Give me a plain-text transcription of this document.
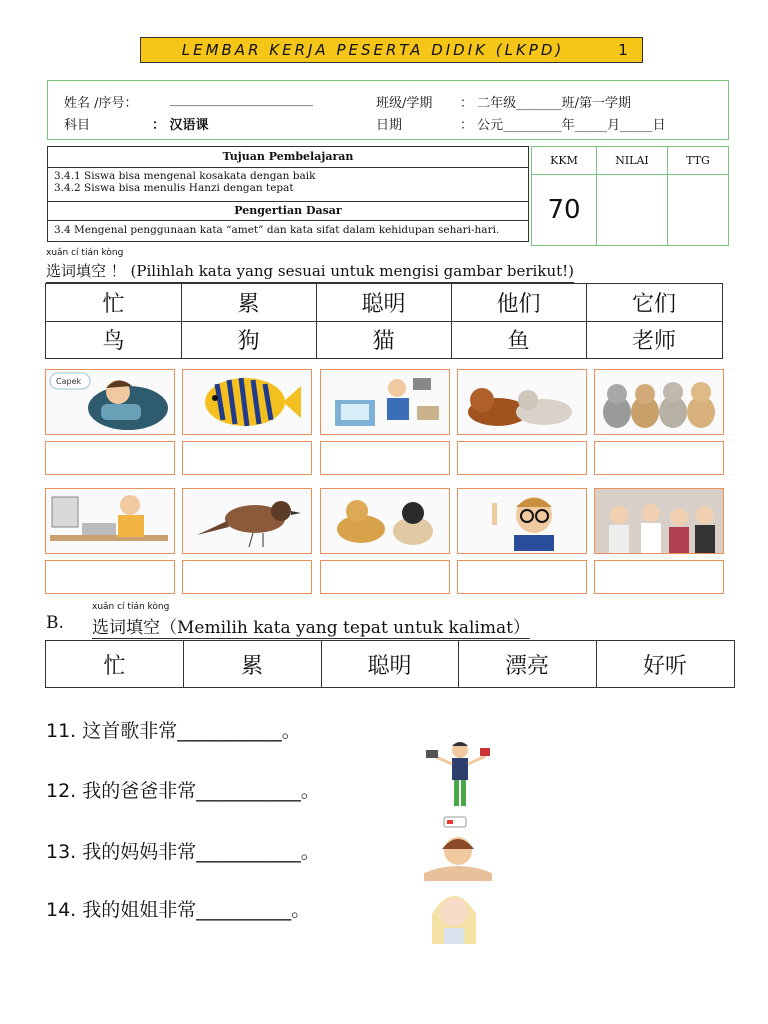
LEMBAR KERJA PESERTA DIDIK (LKPD)	1
姓名 /序号： ______________________	班级/学期 ： 二年级_______班/第一学期
科目	： 汉语课	日期	： 公元_________年_____月_____日
Tujuan Pembelajaran
3.4.1 Siswa bisa mengenal kosakata dengan baik
3.4.2 Siswa bisa menulis Hanzi dengan tepat
Pengertian Dasar
3.4 Mengenal penggunaan kata “amet” dan kata sifat dalam kehidupan sehari-hari.
KKM	NILAI	TTG
70
xuǎn cí tián kòng
选词填空 ！ (Pilihlah kata yang sesuai untuk mengisi gambar berikut!)
忙	累	聪明	他们	它们
鸟	狗	猫	鱼	老师
Capek
xuǎn cí tián kòng
B. 选词填空（Memilih kata yang tepat untuk kalimat）
忙	累	聪明	漂亮	好听
11. 这首歌非常___________。
12. 我的爸爸非常___________。
13. 我的妈妈非常___________。
14. 我的姐姐非常__________。
